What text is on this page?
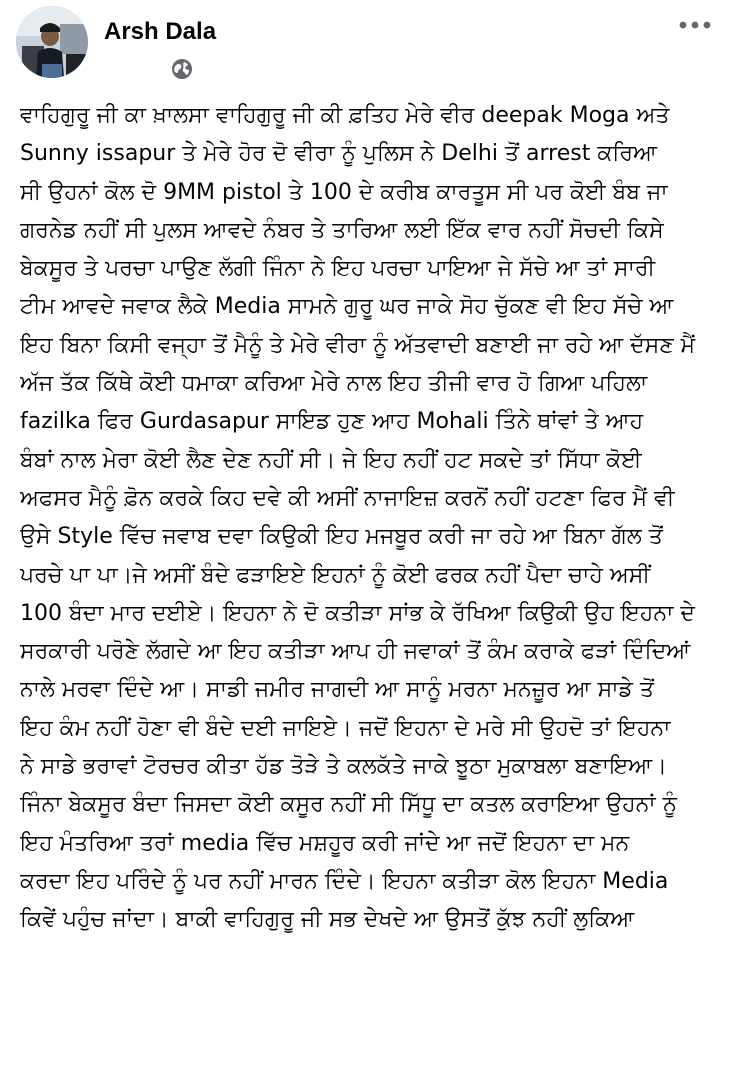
Arsh Dala
ਵਾਹਿਗੁਰੂ ਜੀ ਕਾ ਖ਼ਾਲਸਾ ਵਾਹਿਗੁਰੂ ਜੀ ਕੀ ਫ਼ਤਿਹ ਮੇਰੇ ਵੀਰ deepak Moga ਅਤੇ
Sunny issapur ਤੇ ਮੇਰੇ ਹੋਰ ਦੋ ਵੀਰਾ ਨੂੰ ਪੁਲਿਸ ਨੇ Delhi ਤੋਂ arrest ਕਰਿਆ
ਸੀ ਉਹਨਾਂ ਕੋਲ ਦੋ 9MM pistol ਤੇ 100 ਦੇ ਕਰੀਬ ਕਾਰਤੂਸ ਸੀ ਪਰ ਕੋਈ ਬੰਬ ਜਾ
ਗਰਨੇਡ ਨਹੀਂ ਸੀ ਪੁਲਸ ਆਵਦੇ ਨੰਬਰ ਤੇ ਤਾਰਿਆ ਲਈ ਇੱਕ ਵਾਰ ਨਹੀਂ ਸੋਚਦੀ ਕਿਸੇ
ਬੇਕਸੂਰ ਤੇ ਪਰਚਾ ਪਾਉਣ ਲੱਗੀ ਜਿੰਨਾ ਨੇ ਇਹ ਪਰਚਾ ਪਾਇਆ ਜੇ ਸੱਚੇ ਆ ਤਾਂ ਸਾਰੀ
ਟੀਮ ਆਵਦੇ ਜਵਾਕ ਲੈਕੇ Media ਸਾਮਨੇ ਗੁਰੂ ਘਰ ਜਾਕੇ ਸੋਹ ਚੁੱਕਣ ਵੀ ਇਹ ਸੱਚੇ ਆ
ਇਹ ਬਿਨਾ ਕਿਸੀ ਵਜ੍ਹਾ ਤੋਂ ਮੈਨੂੰ ਤੇ ਮੇਰੇ ਵੀਰਾ ਨੂੰ ਅੱਤਵਾਦੀ ਬਣਾਈ ਜਾ ਰਹੇ ਆ ਦੱਸਣ ਮੈਂ
ਅੱਜ ਤੱਕ ਕਿੱਥੇ ਕੋਈ ਧਮਾਕਾ ਕਰਿਆ ਮੇਰੇ ਨਾਲ ਇਹ ਤੀਜੀ ਵਾਰ ਹੋ ਗਿਆ ਪਹਿਲਾ
fazilka ਫਿਰ Gurdasapur ਸਾਇਡ ਹੁਣ ਆਹ Mohali ਤਿੰਨੇ ਥਾਂਵਾਂ ਤੇ ਆਹ
ਬੰਬਾਂ ਨਾਲ ਮੇਰਾ ਕੋਈ ਲੈਣ ਦੇਣ ਨਹੀਂ ਸੀ। ਜੇ ਇਹ ਨਹੀਂ ਹਟ ਸਕਦੇ ਤਾਂ ਸਿੱਧਾ ਕੋਈ
ਅਫਸਰ ਮੈਨੂੰ ਫ਼ੋਨ ਕਰਕੇ ਕਿਹ ਦਵੇ ਕੀ ਅਸੀਂ ਨਾਜਾਇਜ਼ ਕਰਨੋਂ ਨਹੀਂ ਹਟਣਾ ਫਿਰ ਮੈਂ ਵੀ
ਉਸੇ Style ਵਿੱਚ ਜਵਾਬ ਦਵਾ ਕਿਉਕੀ ਇਹ ਮਜਬੂਰ ਕਰੀ ਜਾ ਰਹੇ ਆ ਬਿਨਾ ਗੱਲ ਤੋਂ
ਪਰਚੇ ਪਾ ਪਾ।ਜੇ ਅਸੀਂ ਬੰਦੇ ਫੜਾਇਏ ਇਹਨਾਂ ਨੂੰ ਕੋਈ ਫਰਕ ਨਹੀਂ ਪੈਦਾ ਚਾਹੇ ਅਸੀਂ
100 ਬੰਦਾ ਮਾਰ ਦਈਏ। ਇਹਨਾ ਨੇ ਦੋ ਕਤੀੜਾ ਸਾਂਭ ਕੇ ਰੱਖਿਆ ਕਿਉਕੀ ਉਹ ਇਹਨਾ ਦੇ
ਸਰਕਾਰੀ ਪਰੋਣੇ ਲੱਗਦੇ ਆ ਇਹ ਕਤੀੜਾ ਆਪ ਹੀ ਜਵਾਕਾਂ ਤੋਂ ਕੰਮ ਕਰਾਕੇ ਫੜਾਂ ਦਿੰਦਿਆਂ
ਨਾਲੇ ਮਰਵਾ ਦਿੰਦੇ ਆ। ਸਾਡੀ ਜਮੀਰ ਜਾਗਦੀ ਆ ਸਾਨੂੰ ਮਰਨਾ ਮਨਜ਼ੂਰ ਆ ਸਾਡੇ ਤੋਂ
ਇਹ ਕੰਮ ਨਹੀਂ ਹੋਣਾ ਵੀ ਬੰਦੇ ਦਈ ਜਾਇਏ। ਜਦੋਂ ਇਹਨਾ ਦੇ ਮਰੇ ਸੀ ਉਹਦੋ ਤਾਂ ਇਹਨਾ
ਨੇ ਸਾਡੇ ਭਰਾਵਾਂ ਟੋਰਚਰ ਕੀਤਾ ਹੱਡ ਤੋੜੇ ਤੇ ਕਲਕੱਤੇ ਜਾਕੇ ਝੂਠਾ ਮੁਕਾਬਲਾ ਬਣਾਇਆ।
ਜਿੰਨਾ ਬੇਕਸੂਰ ਬੰਦਾ ਜਿਸਦਾ ਕੋਈ ਕਸੂਰ ਨਹੀਂ ਸੀ ਸਿੱਧੂ ਦਾ ਕਤਲ ਕਰਾਇਆ ਉਹਨਾਂ ਨੂੰ
ਇਹ ਮੰਤਰਿਆ ਤਰਾਂ media ਵਿੱਚ ਮਸ਼ਹੂਰ ਕਰੀ ਜਾਂਦੇ ਆ ਜਦੋਂ ਇਹਨਾ ਦਾ ਮਨ
ਕਰਦਾ ਇਹ ਪਰਿੰਦੇ ਨੂੰ ਪਰ ਨਹੀਂ ਮਾਰਨ ਦਿੰਦੇ। ਇਹਨਾ ਕਤੀੜਾ ਕੋਲ ਇਹਨਾ Media
ਕਿਵੇਂ ਪਹੁੰਚ ਜਾਂਦਾ। ਬਾਕੀ ਵਾਹਿਗੁਰੂ ਜੀ ਸਭ ਦੇਖਦੇ ਆ ਉਸਤੋਂ ਕੁੱਝ ਨਹੀਂ ਲੁਕਿਆ
